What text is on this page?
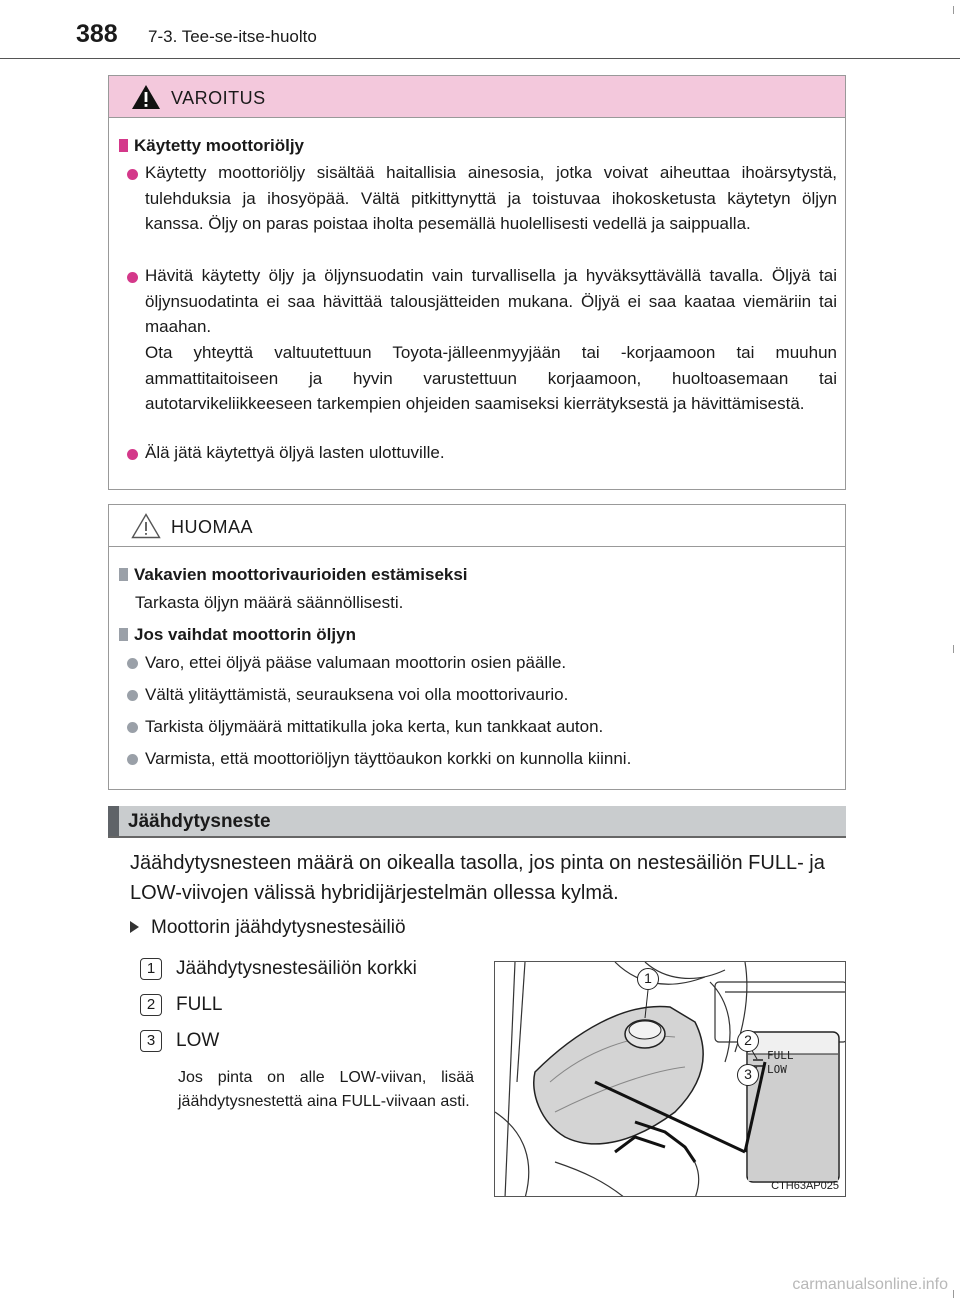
388 7-3. Tee-se-itse-huolto
VAROITUS
Käytetty moottoriöljy
Käytetty moottoriöljy sisältää haitallisia ainesosia, jotka voivat aiheuttaa ihoärsytystä, tulehduksia ja ihosyöpää. Vältä pitkittynyttä ja toistuvaa ihokosketusta käytetyn öljyn kanssa. Öljy on paras poistaa iholta pesemällä huolellisesti vedellä ja saippualla.
Hävitä käytetty öljy ja öljynsuodatin vain turvallisella ja hyväksyttävällä tavalla. Öljyä tai öljynsuodatinta ei saa hävittää talousjätteiden mukana. Öljyä ei saa kaataa viemäriin tai maahan.
Ota yhteyttä valtuutettuun Toyota-jälleenmyyjään tai -korjaamoon tai muuhun ammattitaitoiseen ja hyvin varustettuun korjaamoon, huoltoasemaan tai autotarvikeliikkeeseen tarkempien ohjeiden saamiseksi kierrätyksestä ja hävittämisestä.
Älä jätä käytettyä öljyä lasten ulottuville.
HUOMAA
Vakavien moottorivaurioiden estämiseksi
Tarkasta öljyn määrä säännöllisesti.
Jos vaihdat moottorin öljyn
Varo, ettei öljyä pääse valumaan moottorin osien päälle.
Vältä ylitäyttämistä, seurauksena voi olla moottorivaurio.
Tarkista öljymäärä mittatikulla joka kerta, kun tankkaat auton.
Varmista, että moottoriöljyn täyttöaukon korkki on kunnolla kiinni.
Jäähdytysneste
Jäähdytysnesteen määrä on oikealla tasolla, jos pinta on nestesäiliön FULL- ja LOW-viivojen välissä hybridijärjestelmän ollessa kylmä.
Moottorin jäähdytysnestesäiliö
1 Jäähdytysnestesäiliön korkki
2 FULL
3 LOW
Jos pinta on alle LOW-viivan, lisää jäähdytysnestettä aina FULL-viivaan asti.
FULL
LOW
1
2
3
CTH63AP025
carmanualsonline.info
